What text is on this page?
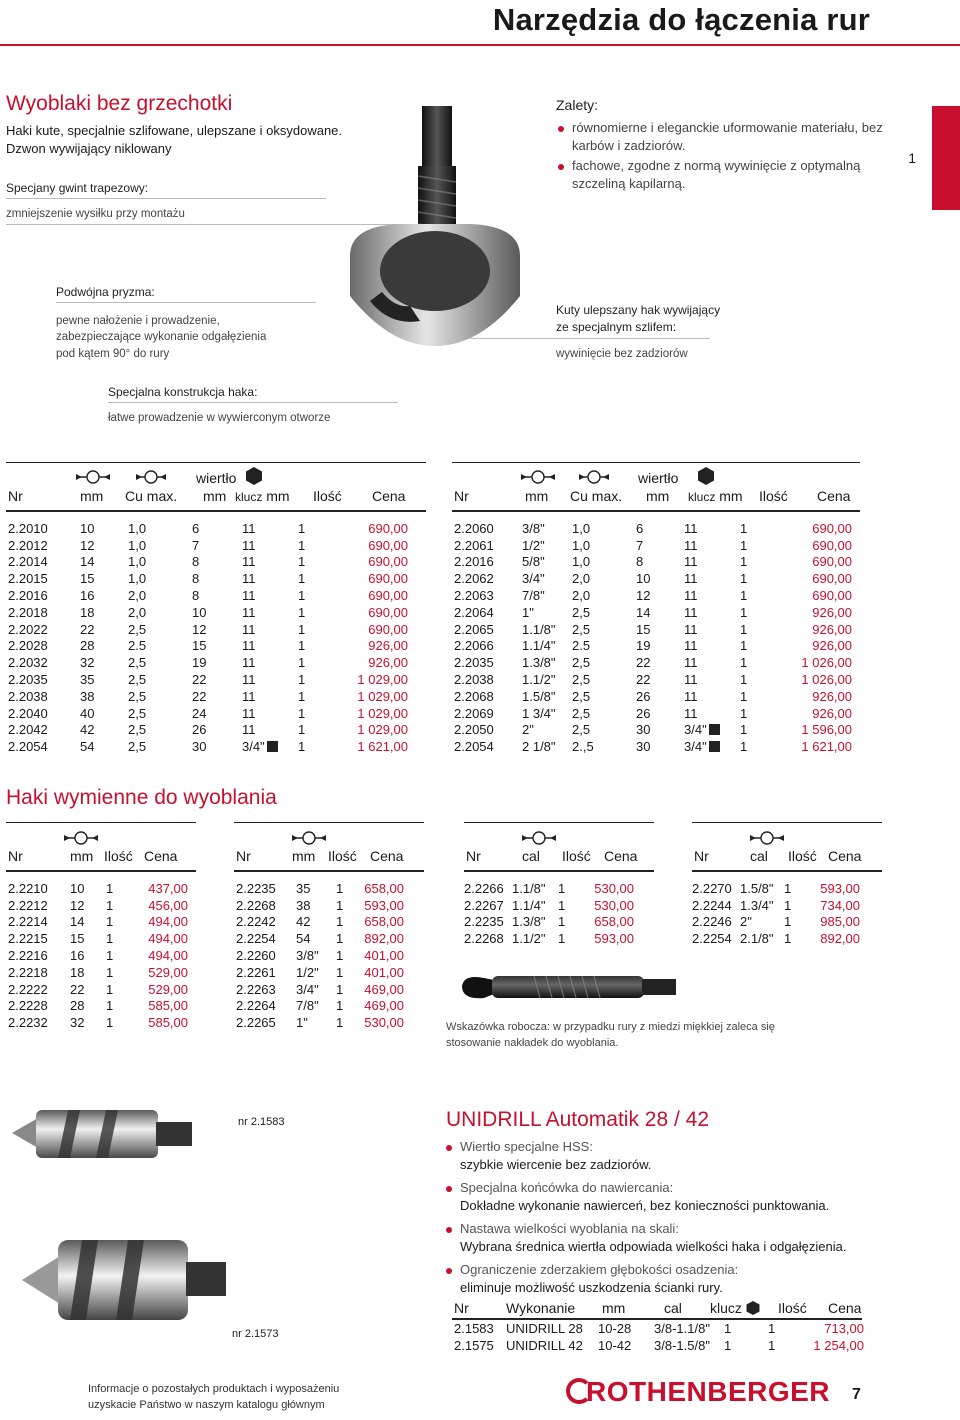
Narzędzia do łączenia rur
Wyoblaki bez grzechotki
Haki kute, specjalnie szlifowane, ulepszane i oksydowane.
Dzwon wywijający niklowany
Specjany gwint trapezowy:
zmniejszenie wysiłku przy montażu
Zalety:
równomierne i eleganckie uformowanie materiału, bez karbów i zadziorów.
fachowe, zgodne z normą wywinięcie z optymalną szczeliną kapilarną.
1
Podwójna pryzma:
pewne nałożenie i prowadzenie,
zabezpieczające wykonanie odgałęzienia
pod kątem 90° do rury
Kuty ulepszany hak wywijający
ze specjalnym szlifem:
wywinięcie bez zadziorów
Specjalna konstrukcja haka:
łatwe prowadzenie w wywierconym otworze
wiertło
Nr	mm Cu max. mm klucz mm Ilość Cena
wiertło
Nr	mm Cu max. mm klucz mm Ilość Cena
2.2010	10	1,0	6	11	1	690,00
2.2012	12	1,0	7	11	1	690,00
2.2014	14	1,0	8	11	1	690,00
2.2015	15	1,0	8	11	1	690,00
2.2016	16	2,0	8	11	1	690,00
2.2018	18	2,0	10	11	1	690,00
2.2022	22	2,5	12	11	1	690,00
2.2028	28	2.5	15	11	1	926,00
2.2032	32	2,5	19	11	1	926,00
2.2035	35	2,5	22	11	1	1 029,00
2.2038	38	2,5	22	11	1	1 029,00
2.2040	40	2,5	24	11	1	1 029,00
2.2042	42	2,5	26	11	1	1 029,00
2.2054	54	2,5	30	3/4"	1	1 621,00
2.2060	3/8"	1,0	6	11	1	690,00
2.2061	1/2"	1,0	7	11	1	690,00
2.2016	5/8"	1,0	8	11	1	690,00
2.2062	3/4"	2,0	10	11	1	690,00
2.2063	7/8"	2,0	12	11	1	690,00
2.2064	1"	2,5	14	11	1	926,00
2.2065	1.1/8"	2,5	15	11	1	926,00
2.2066	1.1/4"	2.5	19	11	1	926,00
2.2035	1.3/8"	2,5	22	11	1	1 026,00
2.2038	1.1/2"	2,5	22	11	1	1 026,00
2.2068	1.5/8"	2,5	26	11	1	926,00
2.2069	1 3/4"	2,5	26	11	1	926,00
2.2050	2"	2,5	30	3/4"	1	1 596,00
2.2054	2 1/8"	2.,5	30	3/4"	1	1 621,00
Haki wymienne do wyoblania
Nr	mm Ilość Cena	Nr	mm Ilość Cena	Nr	cal Ilość Cena	Nr	cal Ilość Cena
2.2210	10	1	437,00
2.2212	12	1	456,00
2.2214	14	1	494,00
2.2215	15	1	494,00
2.2216	16	1	494,00
2.2218	18	1	529,00
2.2222	22	1	529,00
2.2228	28	1	585,00
2.2232	32	1	585,00
2.2235	35	1	658,00
2.2268	38	1	593,00
2.2242	42	1	658,00
2.2254	54	1	892,00
2.2260	3/8"	1	401,00
2.2261	1/2"	1	401,00
2.2263	3/4"	1	469,00
2.2264	7/8"	1	469,00
2.2265	1"	1	530,00
2.2266	1.1/8"	1	530,00
2.2267	1.1/4"	1	530,00
2.2235	1.3/8"	1	658,00
2.2268	1.1/2"	1	593,00
2.2270	1.5/8"	1	593,00
2.2244	1.3/4"	1	734,00
2.2246	2"	1	985,00
2.2254	2.1/8"	1	892,00
Wskazówka robocza: w przypadku rury z miedzi miękkiej zaleca się stosowanie nakładek do wyoblania.
nr 2.1583
nr 2.1573
UNIDRILL Automatik 28 / 42
Wiertło specjalne HSS:
szybkie wiercenie bez zadziorów.
Specjalna końcówka do nawiercania:
Dokładne wykonanie nawierceń, bez konieczności punktowania.
Nastawa wielkości wyoblania na skali:
Wybrana średnica wiertła odpowiada wielkości haka i odgałęzienia.
Ograniczenie zderzakiem głębokości osadzenia:
eliminuje możliwość uszkodzenia ścianki rury.
Nr	Wykonanie mm	cal klucz	Ilość Cena
2.1583	UNIDRILL 28	10-28	3/8-1.1/8"	1	1	713,00
2.1575	UNIDRILL 42	10-42	3/8-1.5/8"	1	1	1 254,00
Informacje o pozostałych produktach i wyposażeniu
uzyskacie Państwo w naszym katalogu głównym	ROTHENBERGER 7
